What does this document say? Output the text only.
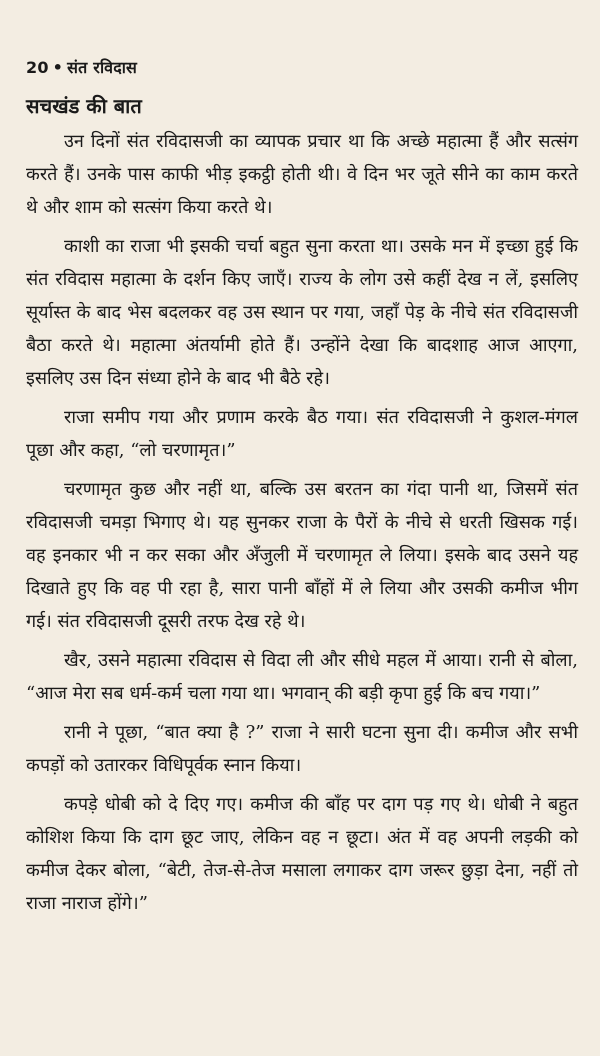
20 • संत रविदास
सचखंड की बात

उन दिनों संत रविदासजी का व्यापक प्रचार था कि अच्छे महात्मा हैं और सत्संग करते हैं। उनके पास काफी भीड़ इकट्ठी होती थी। वे दिन भर जूते सीने का काम करते थे और शाम को सत्संग किया करते थे।

काशी का राजा भी इसकी चर्चा बहुत सुना करता था। उसके मन में इच्छा हुई कि संत रविदास महात्मा के दर्शन किए जाएँ। राज्य के लोग उसे कहीं देख न लें, इसलिए सूर्यास्त के बाद भेस बदलकर वह उस स्थान पर गया, जहाँ पेड़ के नीचे संत रविदासजी बैठा करते थे। महात्मा अंतर्यामी होते हैं। उन्होंने देखा कि बादशाह आज आएगा, इसलिए उस दिन संध्या होने के बाद भी बैठे रहे।

राजा समीप गया और प्रणाम करके बैठ गया। संत रविदासजी ने कुशल-मंगल पूछा और कहा, “लो चरणामृत।”

चरणामृत कुछ और नहीं था, बल्कि उस बरतन का गंदा पानी था, जिसमें संत रविदासजी चमड़ा भिगाए थे। यह सुनकर राजा के पैरों के नीचे से धरती खिसक गई। वह इनकार भी न कर सका और अँजुली में चरणामृत ले लिया। इसके बाद उसने यह दिखाते हुए कि वह पी रहा है, सारा पानी बाँहों में ले लिया और उसकी कमीज भीग गई। संत रविदासजी दूसरी तरफ देख रहे थे।

खैर, उसने महात्मा रविदास से विदा ली और सीधे महल में आया। रानी से बोला, “आज मेरा सब धर्म-कर्म चला गया था। भगवान् की बड़ी कृपा हुई कि बच गया।”

रानी ने पूछा, “बात क्या है ?” राजा ने सारी घटना सुना दी। कमीज और सभी कपड़ों को उतारकर विधिपूर्वक स्नान किया।

कपड़े धोबी को दे दिए गए। कमीज की बाँह पर दाग पड़ गए थे। धोबी ने बहुत कोशिश किया कि दाग छूट जाए, लेकिन वह न छूटा। अंत में वह अपनी लड़की को कमीज देकर बोला, “बेटी, तेज-से-तेज मसाला लगाकर दाग जरूर छुड़ा देना, नहीं तो राजा नाराज होंगे।”
